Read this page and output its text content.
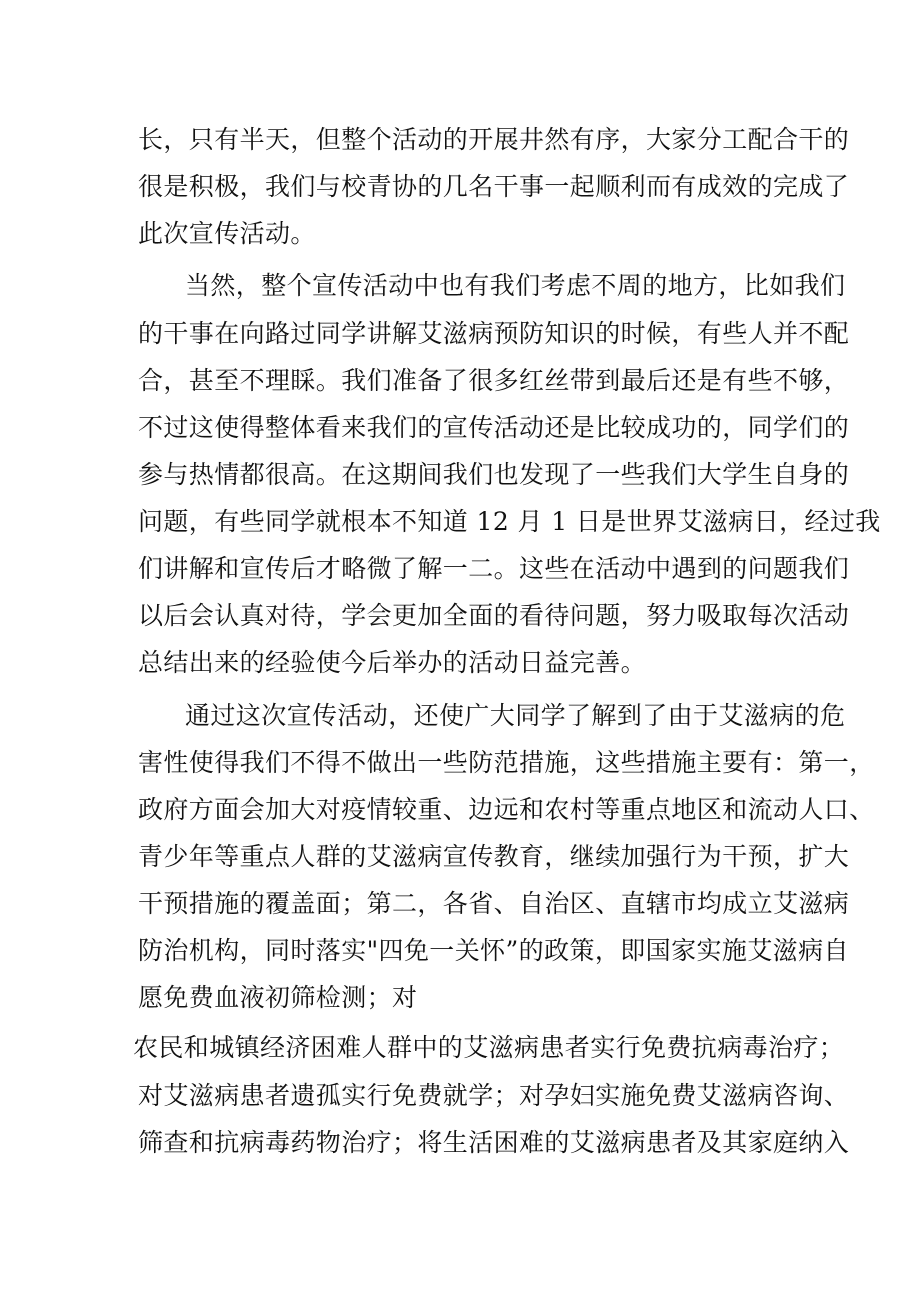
长，只有半天，但整个活动的开展井然有序，大家分工配合干的
很是积极，我们与校青协的几名干事一起顺利而有成效的完成了
此次宣传活动。
当然，整个宣传活动中也有我们考虑不周的地方，比如我们
的干事在向路过同学讲解艾滋病预防知识的时候，有些人并不配
合，甚至不理睬。我们准备了很多红丝带到最后还是有些不够，
不过这使得整体看来我们的宣传活动还是比较成功的，同学们的
参与热情都很高。在这期间我们也发现了一些我们大学生自身的
问题，有些同学就根本不知道 12 月 1 日是世界艾滋病日，经过我
们讲解和宣传后才略微了解一二。这些在活动中遇到的问题我们
以后会认真对待，学会更加全面的看待问题，努力吸取每次活动
总结出来的经验使今后举办的活动日益完善。
通过这次宣传活动，还使广大同学了解到了由于艾滋病的危
害性使得我们不得不做出一些防范措施，这些措施主要有：第一，
政府方面会加大对疫情较重、边远和农村等重点地区和流动人口、
青少年等重点人群的艾滋病宣传教育，继续加强行为干预，扩大
干预措施的覆盖面；第二，各省、自治区、直辖市均成立艾滋病
防治机构，同时落实"四免一关怀”的政策，即国家实施艾滋病自
愿免费血液初筛检测；对
农民和城镇经济困难人群中的艾滋病患者实行免费抗病毒治疗；
对艾滋病患者遗孤实行免费就学；对孕妇实施免费艾滋病咨询、
筛查和抗病毒药物治疗；将生活困难的艾滋病患者及其家庭纳入
